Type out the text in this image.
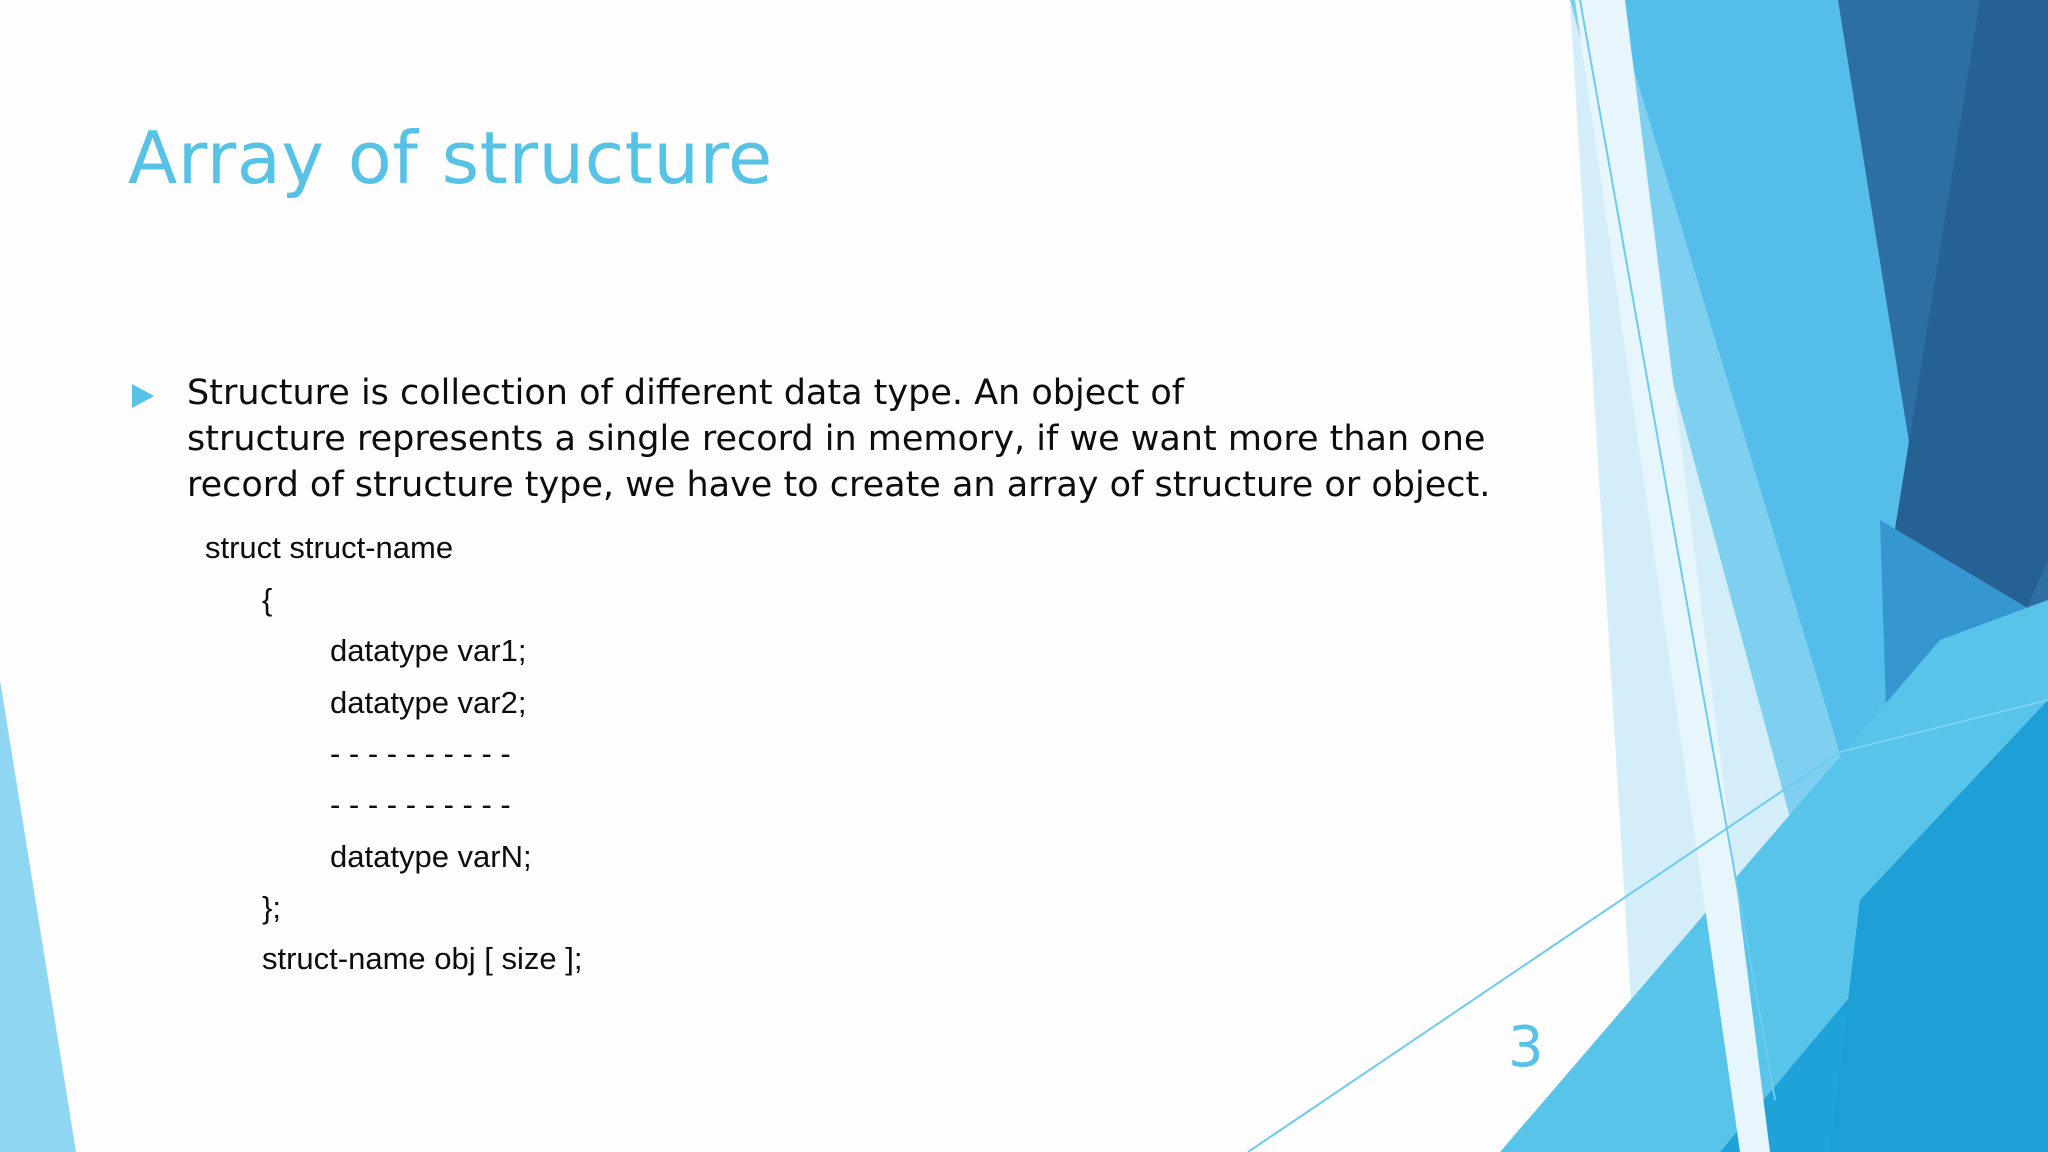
Array of structure

Structure is collection of different data type. An object of
structure represents a single record in memory, if we want more than one
record of structure type, we have to create an array of structure or object.

struct struct-name

{

datatype var1;

datatype var2;

- - - - - - - - - -

- - - - - - - - - -

datatype varN;

};

struct-name obj [ size ];

3
